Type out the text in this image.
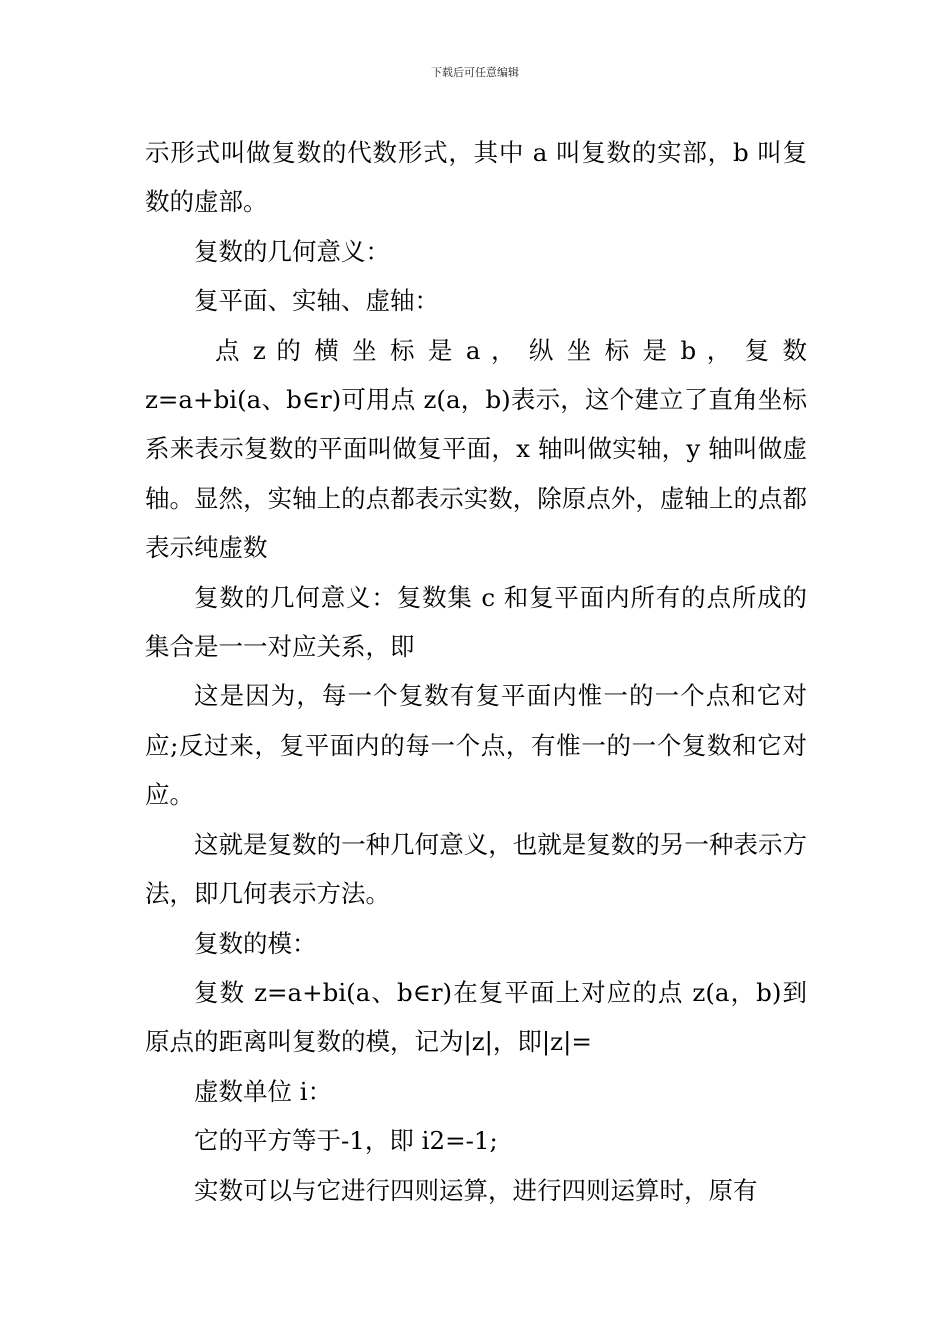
下载后可任意编辑

示形式叫做复数的代数形式，其中 a 叫复数的实部，b 叫复数的虚部。

复数的几何意义：

复平面、实轴、虚轴：

点 z 的 横 坐 标 是 a ， 纵 坐 标 是 b ， 复 数

z=a+bi(a、b∈r)可用点 z(a，b)表示，这个建立了直角坐标系来表示复数的平面叫做复平面，x 轴叫做实轴，y 轴叫做虚轴。显然，实轴上的点都表示实数，除原点外，虚轴上的点都表示纯虚数

复数的几何意义：复数集 c 和复平面内所有的点所成的集合是一一对应关系，即

这是因为，每一个复数有复平面内惟一的一个点和它对应;反过来，复平面内的每一个点，有惟一的一个复数和它对应。

这就是复数的一种几何意义，也就是复数的另一种表示方法，即几何表示方法。

复数的模：

复数 z=a+bi(a、b∈r)在复平面上对应的点 z(a，b)到原点的距离叫复数的模，记为|z|，即|z|=

虚数单位 i：

它的平方等于-1，即 i2=-1;

实数可以与它进行四则运算，进行四则运算时，原有
